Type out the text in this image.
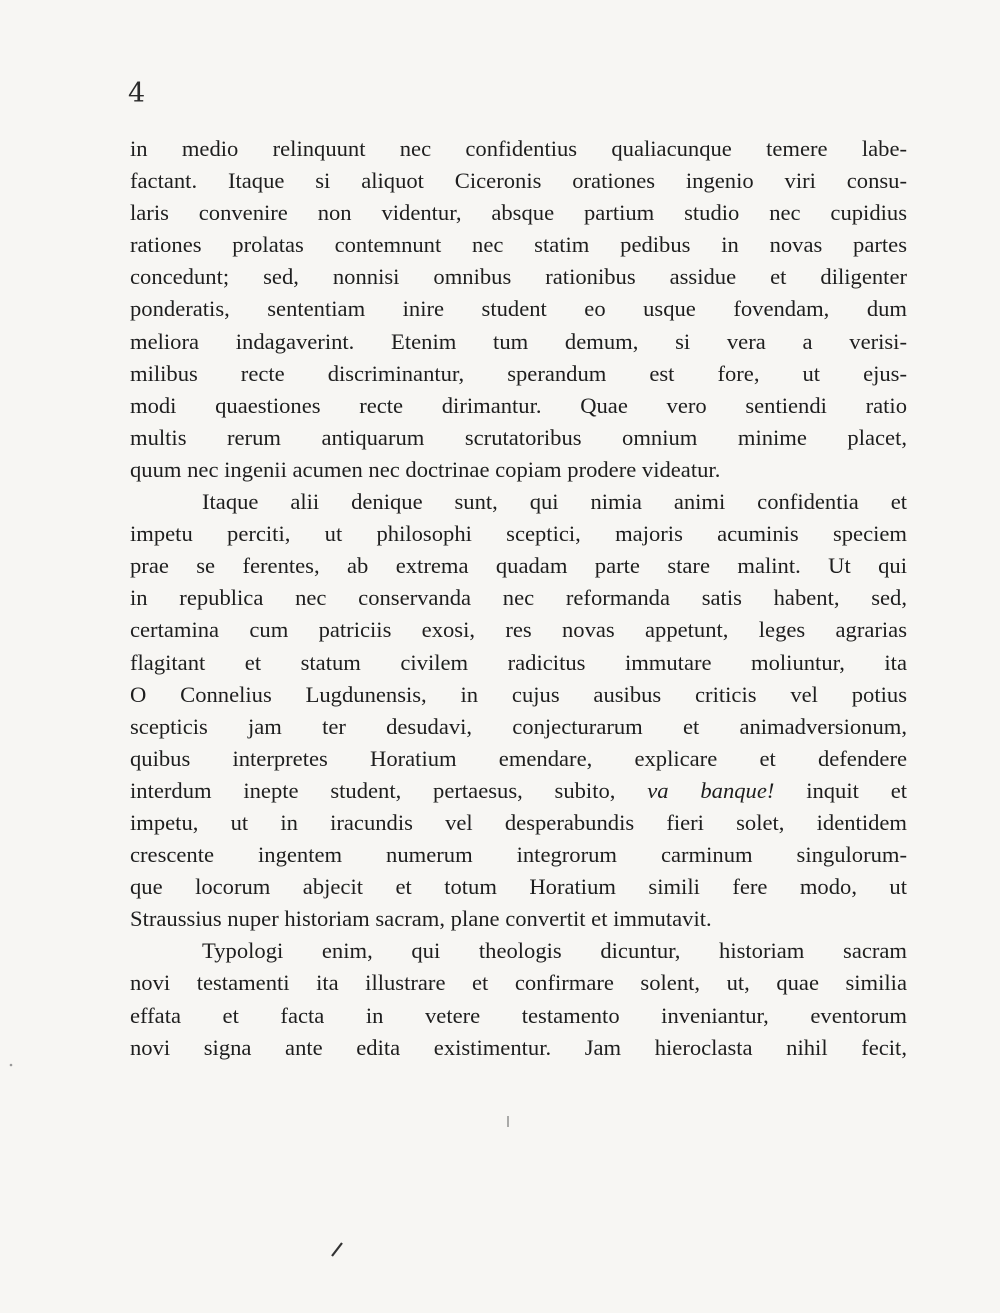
4
in medio relinquunt nec confidentius qualiacunque temere labe-
factant. Itaque si aliquot Ciceronis orationes ingenio viri consu-
laris convenire non videntur, absque partium studio nec cupidius
rationes prolatas contemnunt nec statim pedibus in novas partes
concedunt; sed, nonnisi omnibus rationibus assidue et diligenter
ponderatis, sententiam inire student eo usque fovendam, dum
meliora indagaverint. Etenim tum demum, si vera a verisi-
milibus recte discriminantur, sperandum est fore, ut ejus-
modi quaestiones recte dirimantur. Quae vero sentiendi ratio
multis rerum antiquarum scrutatoribus omnium minime placet,
quum nec ingenii acumen nec doctrinae copiam prodere videatur.
Itaque alii denique sunt, qui nimia animi confidentia et
impetu perciti, ut philosophi sceptici, majoris acuminis speciem
prae se ferentes, ab extrema quadam parte stare malint. Ut qui
in republica nec conservanda nec reformanda satis habent, sed,
certamina cum patriciis exosi, res novas appetunt, leges agrarias
flagitant et statum civilem radicitus immutare moliuntur, ita
O Connelius Lugdunensis, in cujus ausibus criticis vel potius
scepticis jam ter desudavi, conjecturarum et animadversionum,
quibus interpretes Horatium emendare, explicare et defendere
interdum inepte student, pertaesus, subito, va banque! inquit et
impetu, ut in iracundis vel desperabundis fieri solet, identidem
crescente ingentem numerum integrorum carminum singulorum-
que locorum abjecit et totum Horatium simili fere modo, ut
Straussius nuper historiam sacram, plane convertit et immutavit.
Typologi enim, qui theologis dicuntur, historiam sacram
novi testamenti ita illustrare et confirmare solent, ut, quae similia
effata et facta in vetere testamento inveniantur, eventorum
novi signa ante edita existimentur. Jam hieroclasta nihil fecit,
